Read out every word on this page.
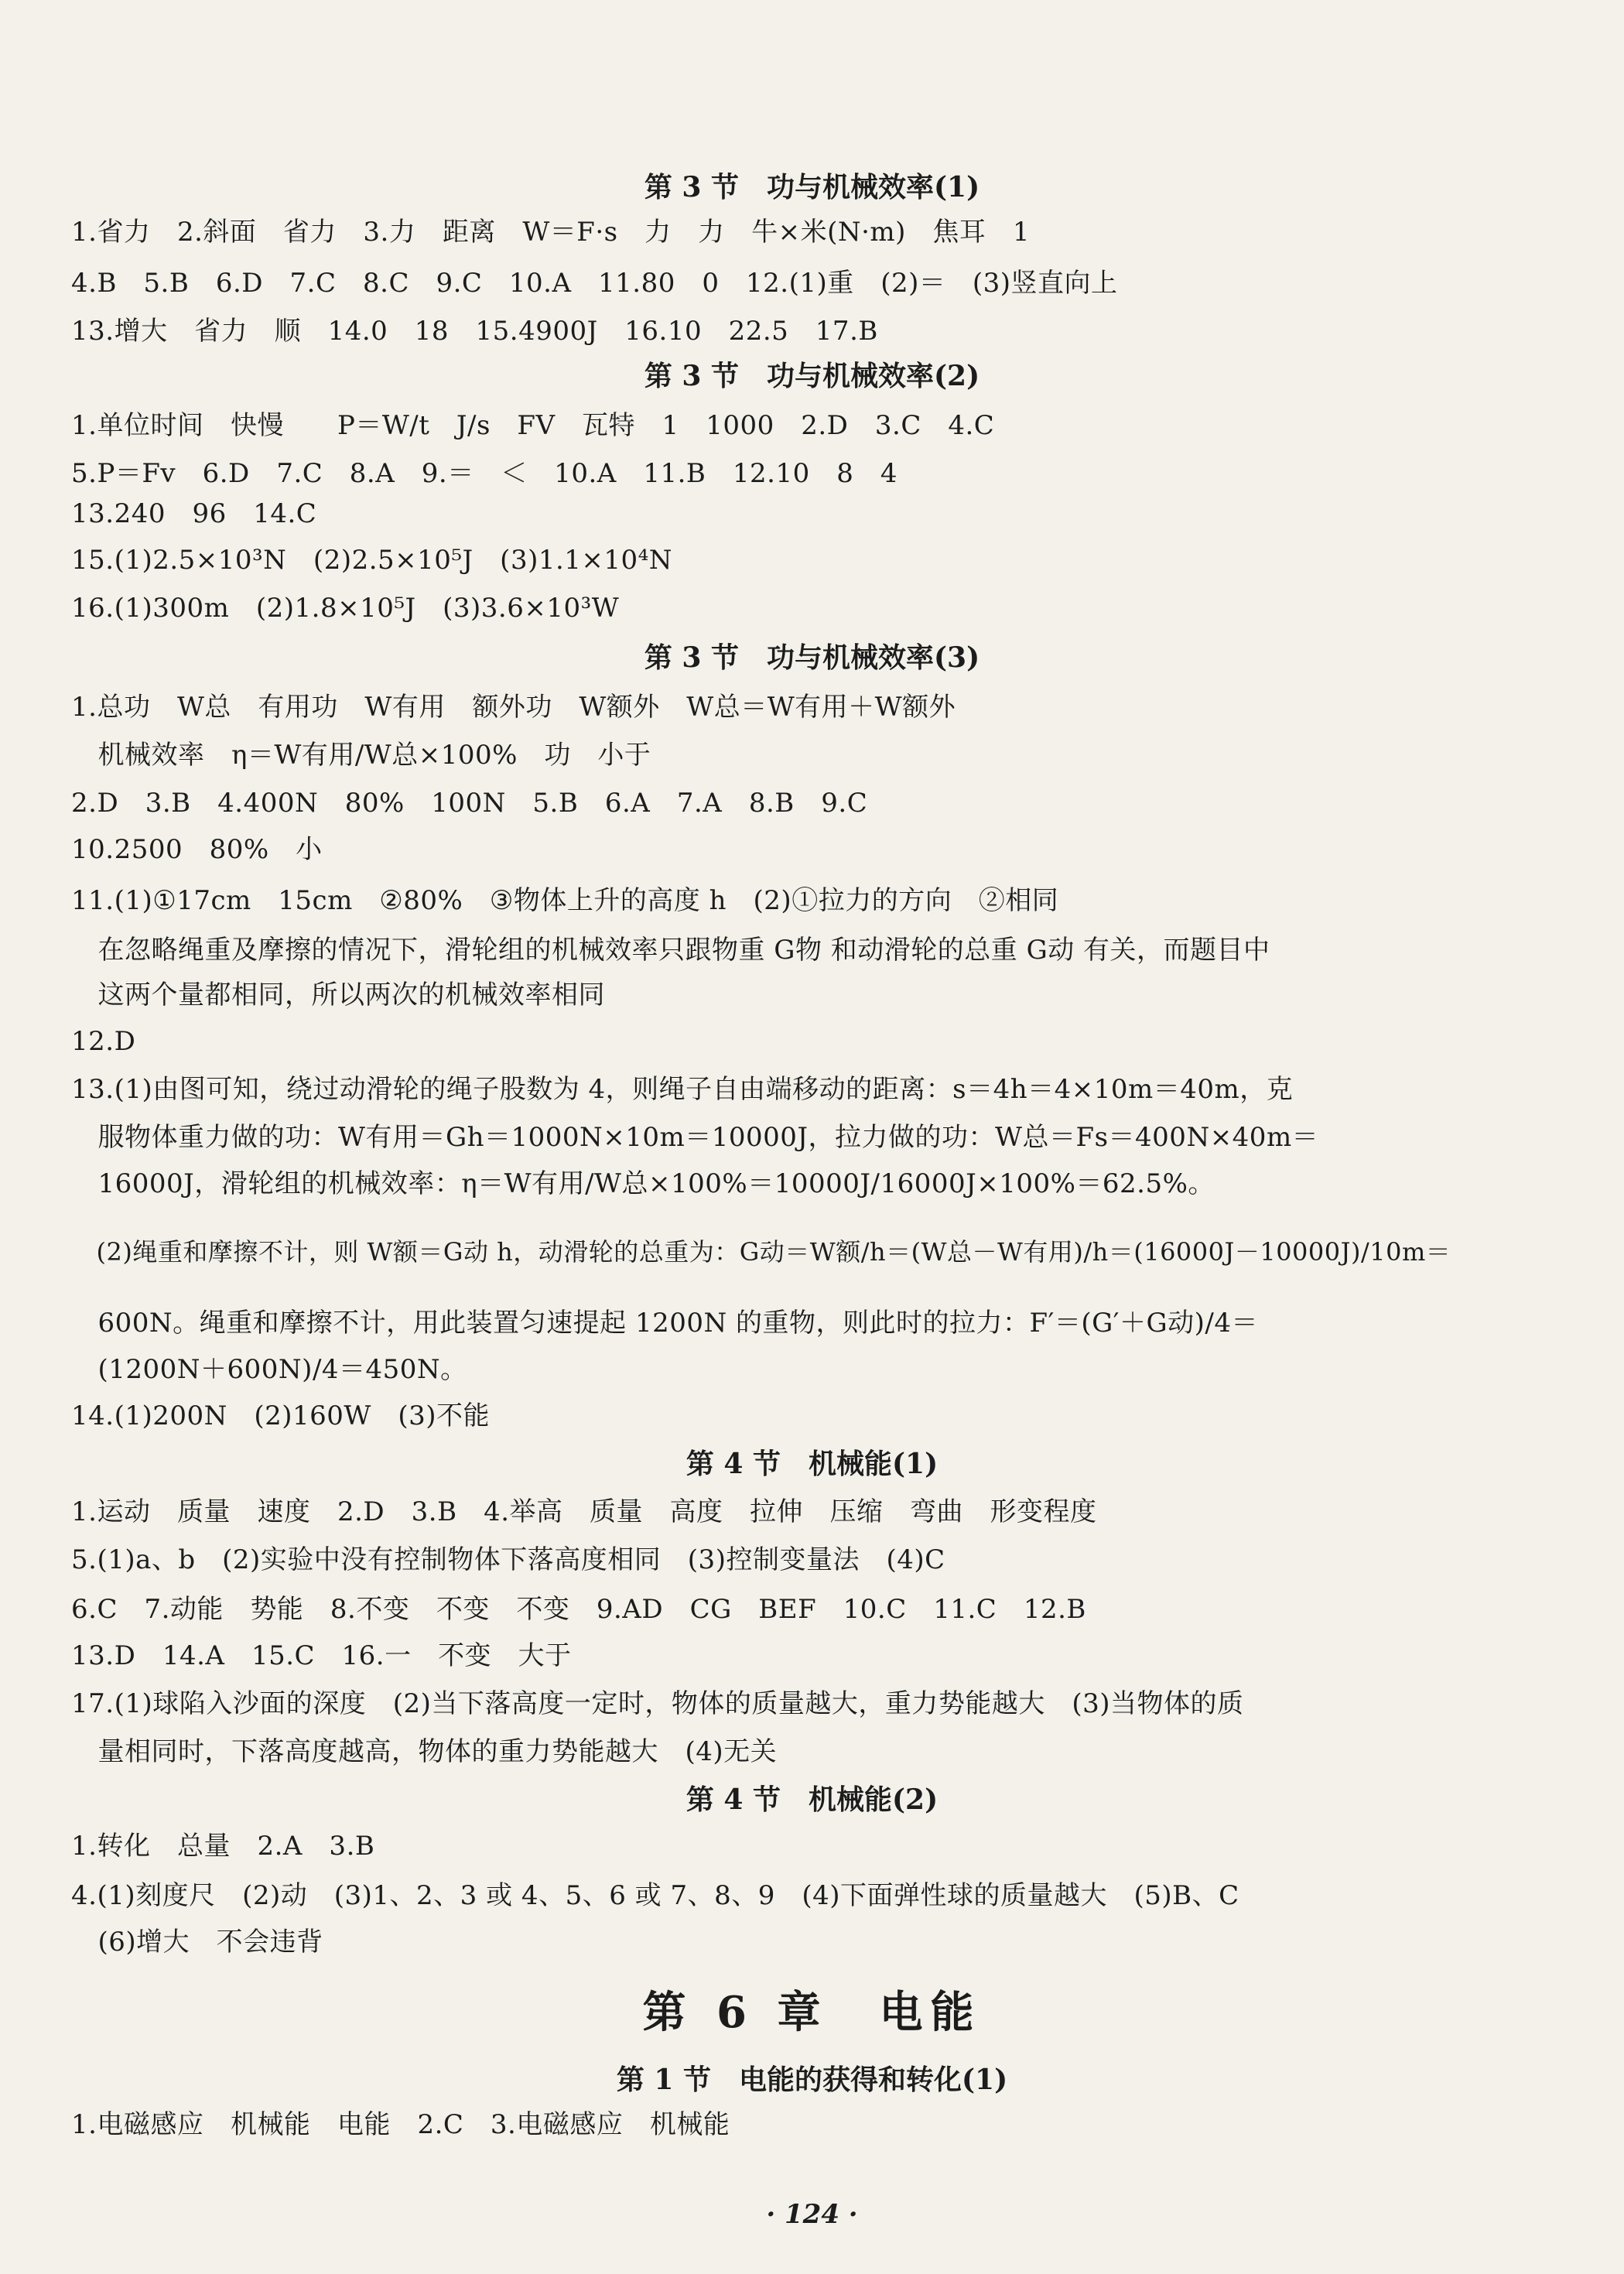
第 3 节　功与机械效率(1)
1.省力　2.斜面　省力　3.力　距离　W＝F·s　力　力　牛×米(N·m)　焦耳　1
4.B　5.B　6.D　7.C　8.C　9.C　10.A　11.80　0　12.(1)重　(2)＝　(3)竖直向上
13.增大　省力　顺　14.0　18　15.4900J　16.10　22.5　17.B
第 3 节　功与机械效率(2)
1.单位时间　快慢　　P＝W/t　J/s　FV　瓦特　1　1000　2.D　3.C　4.C
5.P＝Fv　6.D　7.C　8.A　9.＝　＜　10.A　11.B　12.10　8　4
13.240　96　14.C
15.(1)2.5×10³N　(2)2.5×10⁵J　(3)1.1×10⁴N
16.(1)300m　(2)1.8×10⁵J　(3)3.6×10³W
第 3 节　功与机械效率(3)
1.总功　W总　有用功　W有用　额外功　W额外　W总＝W有用＋W额外
　机械效率　η＝W有用/W总×100%　功　小于
2.D　3.B　4.400N　80%　100N　5.B　6.A　7.A　8.B　9.C
10.2500　80%　小
11.(1)①17cm　15cm　②80%　③物体上升的高度 h　(2)①拉力的方向　②相同
　在忽略绳重及摩擦的情况下，滑轮组的机械效率只跟物重 G物 和动滑轮的总重 G动 有关，而题目中
　这两个量都相同，所以两次的机械效率相同
12.D
13.(1)由图可知，绕过动滑轮的绳子股数为 4，则绳子自由端移动的距离：s＝4h＝4×10m＝40m，克
　服物体重力做的功：W有用＝Gh＝1000N×10m＝10000J，拉力做的功：W总＝Fs＝400N×40m＝
　16000J，滑轮组的机械效率：η＝W有用/W总×100%＝10000J/16000J×100%＝62.5%。
　(2)绳重和摩擦不计，则 W额＝G动 h，动滑轮的总重为：G动＝W额/h＝(W总－W有用)/h＝(16000J－10000J)/10m＝
　600N。绳重和摩擦不计，用此装置匀速提起 1200N 的重物，则此时的拉力：F′＝(G′＋G动)/4＝
　(1200N＋600N)/4＝450N。
14.(1)200N　(2)160W　(3)不能
第 4 节　机械能(1)
1.运动　质量　速度　2.D　3.B　4.举高　质量　高度　拉伸　压缩　弯曲　形变程度
5.(1)a、b　(2)实验中没有控制物体下落高度相同　(3)控制变量法　(4)C
6.C　7.动能　势能　8.不变　不变　不变　9.AD　CG　BEF　10.C　11.C　12.B
13.D　14.A　15.C　16.一　不变　大于
17.(1)球陷入沙面的深度　(2)当下落高度一定时，物体的质量越大，重力势能越大　(3)当物体的质
　量相同时，下落高度越高，物体的重力势能越大　(4)无关
第 4 节　机械能(2)
1.转化　总量　2.A　3.B
4.(1)刻度尺　(2)动　(3)1、2、3 或 4、5、6 或 7、8、9　(4)下面弹性球的质量越大　(5)B、C
　(6)增大　不会违背
第 6 章　电能
第 1 节　电能的获得和转化(1)
1.电磁感应　机械能　电能　2.C　3.电磁感应　机械能
· 124 ·
